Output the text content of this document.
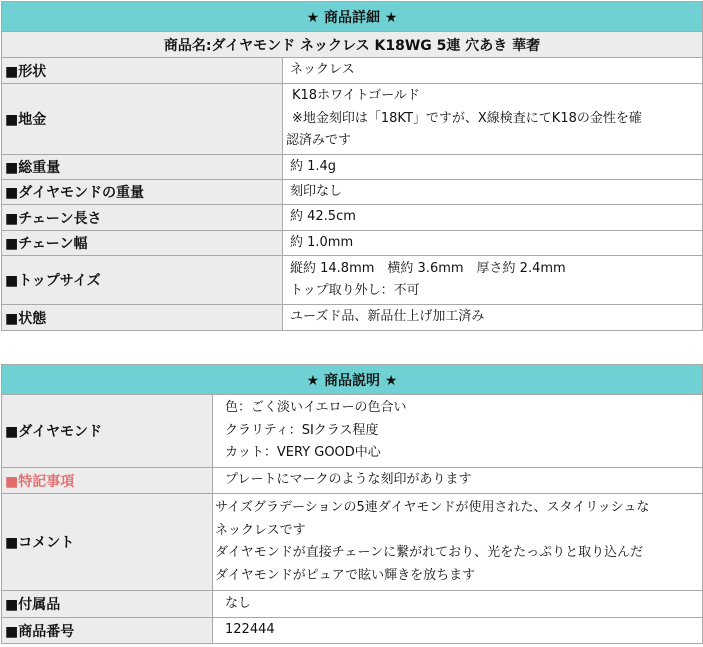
★ 商品詳細 ★	
商品名:ダイヤモンド ネックレス K18WG 5連 穴あき 華奢	
■形状	ネックレス

■地金	K18ホワイトゴールド
※地金刻印は「18KT」ですが、X線検査にてK18の金性を確
認済みです

■総重量	約 1.4g

■ダイヤモンドの重量	刻印なし

■チェーン長さ	約 42.5cm

■チェーン幅	約 1.0mm

■トップサイズ	縦約 14.8mm　横約 3.6mm　厚さ約 2.4mm
トップ取り外し：不可

■状態	ユーズド品、新品仕上げ加工済み
★ 商品説明 ★	
■ダイヤモンド	色：ごく淡いイエローの色合い
クラリティ：SIクラス程度
カット：VERY GOOD中心

■特記事項	プレートにマークのような刻印があります

■コメント	サイズグラデーションの5連ダイヤモンドが使用された、スタイリッシュな
ネックレスです
ダイヤモンドが直接チェーンに繋がれており、光をたっぷりと取り込んだ
ダイヤモンドがピュアで眩い輝きを放ちます

■付属品	なし

■商品番号	122444
